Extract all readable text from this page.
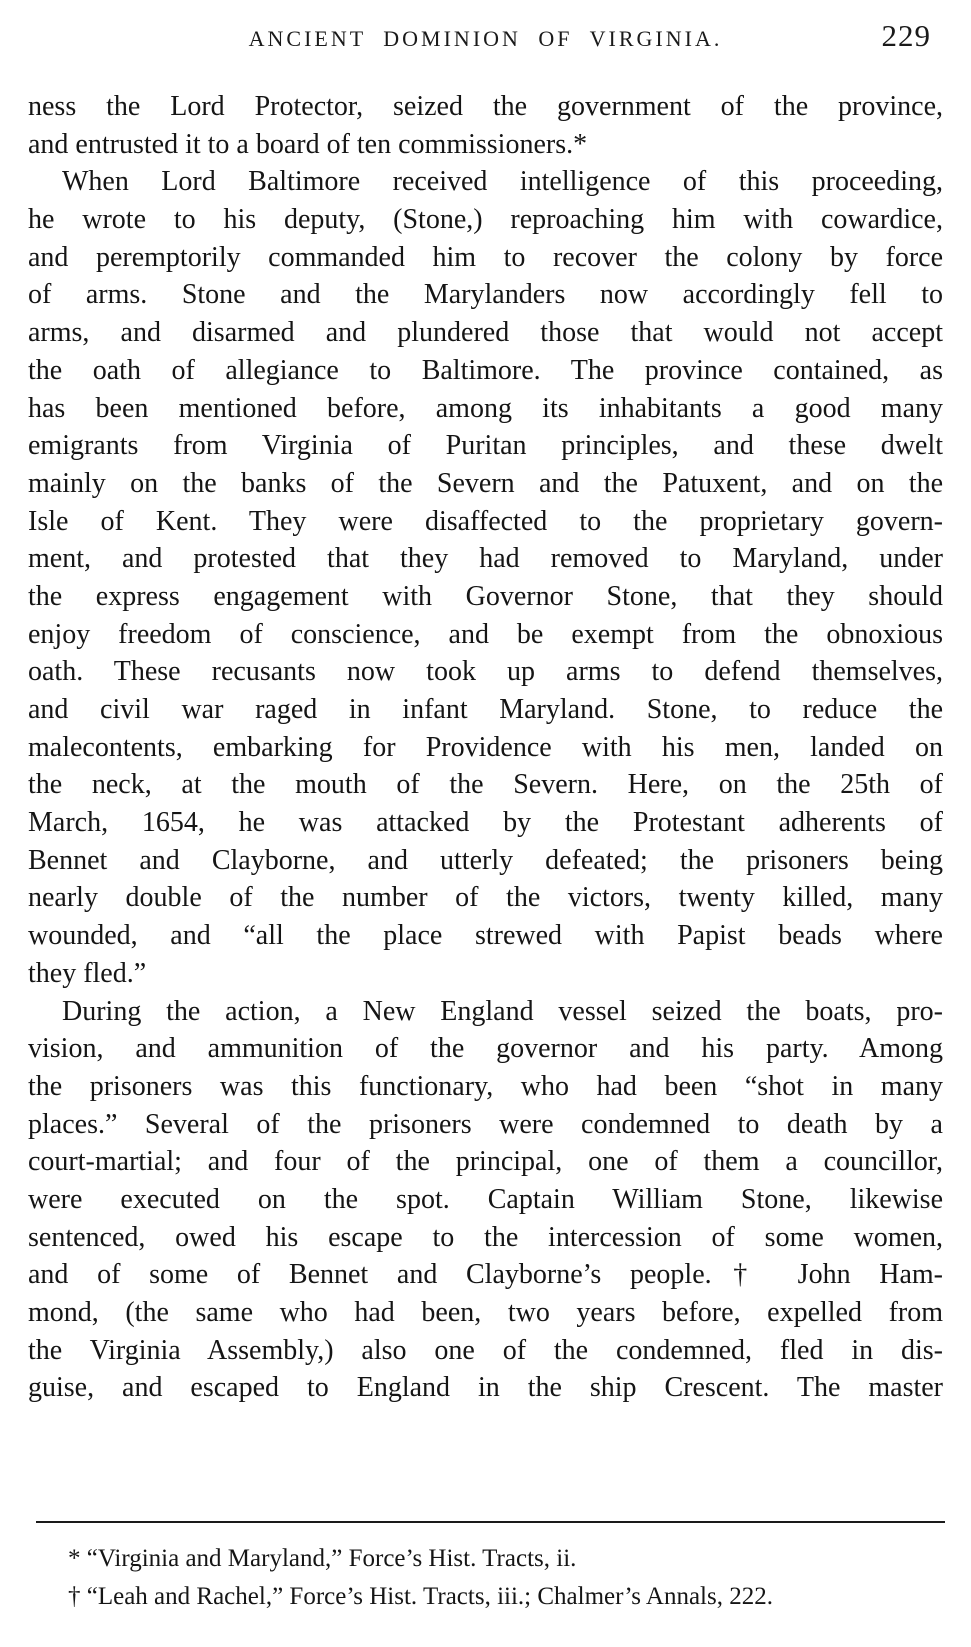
ANCIENT DOMINION OF VIRGINIA.	229
ness the Lord Protector, seized the government of the province,
and entrusted it to a board of ten commissioners.*
When Lord Baltimore received intelligence of this proceeding,
he wrote to his deputy, (Stone,) reproaching him with cowardice,
and peremptorily commanded him to recover the colony by force
of arms. Stone and the Marylanders now accordingly fell to
arms, and disarmed and plundered those that would not accept
the oath of allegiance to Baltimore. The province contained, as
has been mentioned before, among its inhabitants a good many
emigrants from Virginia of Puritan principles, and these dwelt
mainly on the banks of the Severn and the Patuxent, and on the
Isle of Kent. They were disaffected to the proprietary govern-
ment, and protested that they had removed to Maryland, under
the express engagement with Governor Stone, that they should
enjoy freedom of conscience, and be exempt from the obnoxious
oath. These recusants now took up arms to defend themselves,
and civil war raged in infant Maryland. Stone, to reduce the
malecontents, embarking for Providence with his men, landed on
the neck, at the mouth of the Severn. Here, on the 25th of
March, 1654, he was attacked by the Protestant adherents of
Bennet and Clayborne, and utterly defeated; the prisoners being
nearly double of the number of the victors, twenty killed, many
wounded, and “all the place strewed with Papist beads where
they fled.”
During the action, a New England vessel seized the boats, pro-
vision, and ammunition of the governor and his party. Among
the prisoners was this functionary, who had been “shot in many
places.” Several of the prisoners were condemned to death by a
court-martial; and four of the principal, one of them a councillor,
were executed on the spot. Captain William Stone, likewise
sentenced, owed his escape to the intercession of some women,
and of some of Bennet and Clayborne’s people.† John Ham-
mond, (the same who had been, two years before, expelled from
the Virginia Assembly,) also one of the condemned, fled in dis-
guise, and escaped to England in the ship Crescent. The master
* “Virginia and Maryland,” Force’s Hist. Tracts, ii.
† “Leah and Rachel,” Force’s Hist. Tracts, iii.; Chalmer’s Annals, 222.
